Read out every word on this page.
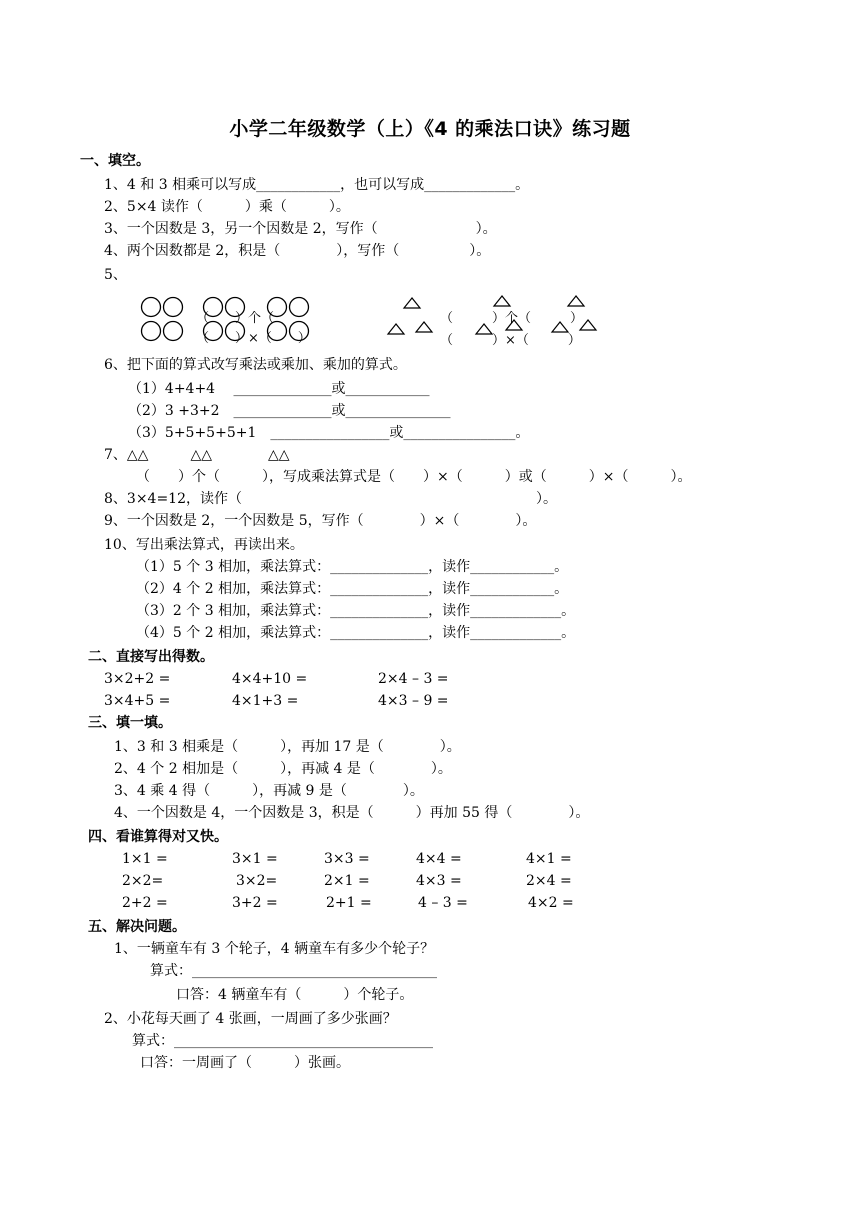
小学二年级数学（上）《4 的乘法口诀》练习题
一、填空。
1、4 和 3 相乘可以写成____________，也可以写成_____________。
2、5×4 读作（　　　）乘（　　　）。
3、一个因数是 3，另一个因数是 2，写作（　　　　　　　）。
4、两个因数都是 2，积是（　　　　），写作（　　　　　）。
5、
（　　）个（
（　　）×（　　）
（　　　）个（　　　）
（　　　）×（　　　）
6、把下面的算式改写乘法或乘加、乘加的算式。
（1）4+4+4　 ______________或____________
（2）3 +3+2　______________或_______________
（3）5+5+5+5+1　_________________或________________。
7、△△　　　△△　　　　△△
（　　）个（　　　），写成乘法算式是（　　）×（　　　）或（　　　）×（　　　）。
8、3×4=12，读作（　　　　　　　　　　　　　　　　　　　　　）。
9、一个因数是 2，一个因数是 5，写作（　　　　）×（　　　　）。
10、写出乘法算式，再读出来。
（1）5 个 3 相加，乘法算式：______________，读作____________。
（2）4 个 2 相加，乘法算式：______________，读作____________。
（3）2 个 3 相加，乘法算式：______________，读作_____________。
（4）5 个 2 相加，乘法算式：______________，读作_____________。
二、直接写出得数。
3×2+2 =	4×4+10 =	2×4 – 3 =
3×4+5 =	4×1+3 =	4×3 – 9 =
三、填一填。
1、3 和 3 相乘是（　　　），再加 17 是（　　　　）。
2、4 个 2 相加是（　　　），再减 4 是（　　　　）。
3、4 乘 4 得（　　　），再减 9 是（　　　　）。
4、一个因数是 4，一个因数是 3，积是（　　　）再加 55 得（　　　　）。
四、看谁算得对又快。
1×1 =	3×1 =	3×3 =	4×4 =	4×1 =
2×2=	3×2=	2×1 =	4×3 =	2×4 =
2+2 =	3+2 =	2+1 =	4 – 3 =	4×2 =
五、解决问题。
1、一辆童车有 3 个轮子，4 辆童车有多少个轮子？
算式：___________________________________
口答：4 辆童车有（　　　）个轮子。
2、小花每天画了 4 张画，一周画了多少张画？
算式：_____________________________________
口答：一周画了（　　　）张画。
